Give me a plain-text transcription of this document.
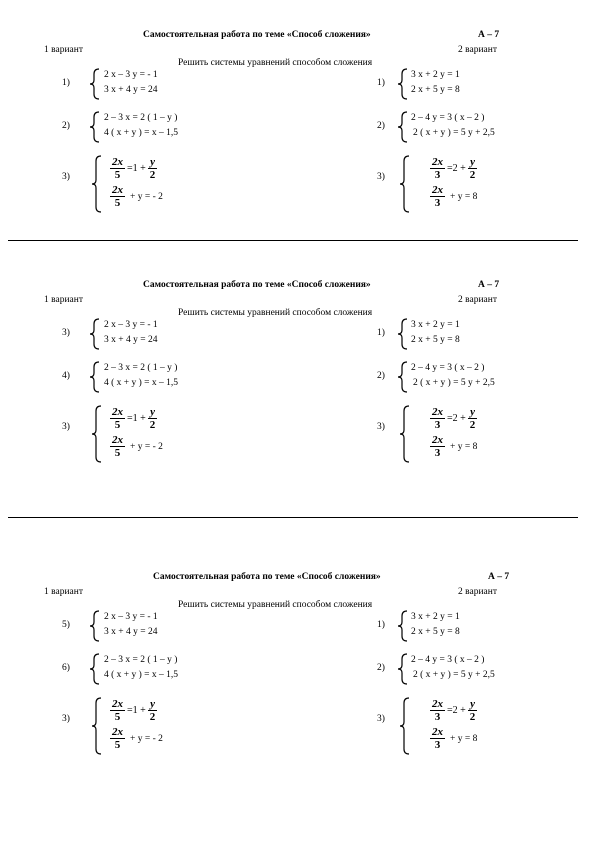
Самостоятельная работа по теме «Способ сложения»	А – 7
1 вариант	2 вариант
Решить системы уравнений способом сложения
1)
2 x – 3 y = - 1
3 x + 4 y = 24
2)
2 – 3 x = 2 ( 1 – y )
4 ( x + y ) = x – 1,5
3)	$\frac{2x}{5} =1 + \frac{y}{2}$
$\frac{2x}{5} + y$ = - 2
1)
3 x + 2 y = 1
2 x + 5 y = 8
2)
2 – 4 y = 3 ( x – 2 )
2 ( x + y ) = 5 y + 2,5
3)	$\frac{2x}{3} =2 + \frac{y}{2}$
$\frac{2x}{3} + y = 8$
Самостоятельная работа по теме «Способ сложения»	А – 7
1 вариант	2 вариант
Решить системы уравнений способом сложения
3)
2 x – 3 y = - 1
3 x + 4 y = 24
4)
2 – 3 x = 2 ( 1 – y )
4 ( x + y ) = x – 1,5
3)	$\frac{2x}{5} =1 + \frac{y}{2}$
$\frac{2x}{5} + y$ = - 2
1)
3 x + 2 y = 1
2 x + 5 y = 8
2)
2 – 4 y = 3 ( x – 2 )
2 ( x + y ) = 5 y + 2,5
3)	$\frac{2x}{3} =2 + \frac{y}{2}$
$\frac{2x}{3} + y = 8$
Самостоятельная работа по теме «Способ сложения»	А – 7
1 вариант	2 вариант
Решить системы уравнений способом сложения
5)
2 x – 3 y = - 1
3 x + 4 y = 24
6)
2 – 3 x = 2 ( 1 – y )
4 ( x + y ) = x – 1,5
3)	$\frac{2x}{5} =1 + \frac{y}{2}$
$\frac{2x}{5} + y$ = - 2
1)
3 x + 2 y = 1
2 x + 5 y = 8
2)
2 – 4 y = 3 ( x – 2 )
2 ( x + y ) = 5 y + 2,5
3)	$\frac{2x}{3} =2 + \frac{y}{2}$
$\frac{2x}{3} + y = 8$
